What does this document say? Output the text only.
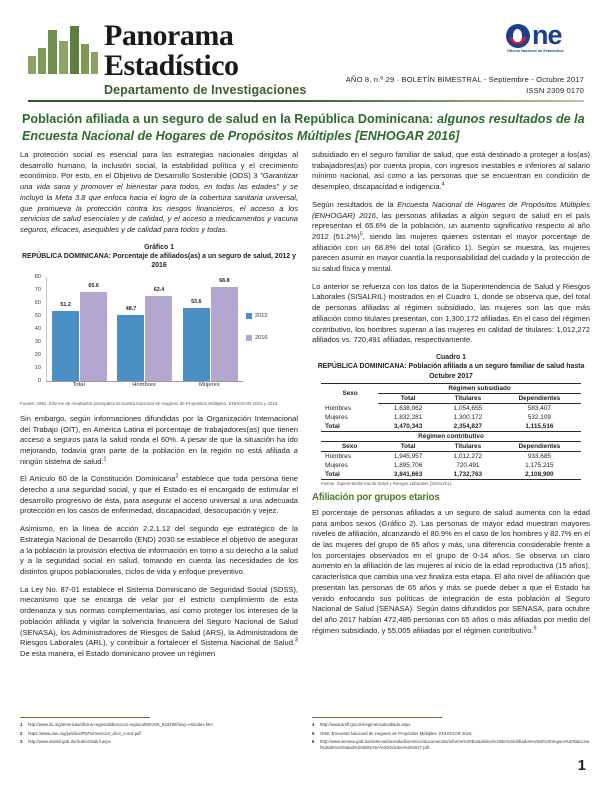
Panorama
Estadístico
Departamento de Investigaciones
ne
Oficina Nacional de Estadística
AÑO 8, n.º 29 · BOLETÍN BIMESTRAL - Septiembre - Octubre 2017
ISSN 2309 0170
Población afiliada a un seguro de salud en la República Dominicana: algunos resultados de la Encuesta Nacional de Hogares de Propósitos Múltiples [ENHOGAR 2016]

La protección social es esencial para las estrategias nacionales dirigidas al desarrollo humano, la inclusión social, la estabilidad política y el crecimiento económico. Por esto, en el Objetivo de Desarrollo Sostenible (ODS) 3 "Garantizar una vida sana y promover el bienestar para todos, en todas las edades" y se incluyó la Meta 3.8 que enfoca hacia el logro de la cobertura sanitaria universal, que promueva la protección contra los riesgos financieros, el acceso a los servicios de salud esenciales y de calidad, y el acceso a medicamentos y vacuna seguros, eficaces, asequibles y de calidad para todos y todas.

Gráfico 1
REPÚBLICA DOMINICANA: Porcentaje de afiliados(as) a un seguro de salud, 2012 y 2016
80
70
60
50
40
30
20
10
0
51.2
65.6
48.7
62.4
53.6
68.8
Total	Hombres	Mujeres
2012
2016

Fuente: ONE. Informe de resultados principales Encuesta Nacional de Hogares de Propósitos Múltiples, ENHOGAR 2012 y 2016.

Sin embargo, según informaciones difundidas por la Organización Internacional del Trabajo (OIT), en América Latina el porcentaje de trabajadores(as) que tienen acceso a seguros para la salud ronda el 60%. A pesar de que la situación ha ido mejorando, todavía gran parte de la población en la región no está afiliada a ningún sistema de salud.$^1$

El Artículo 60 de la Constitución Dominicana$^2$ establece que toda persona tiene derecho a una seguridad social, y que el Estado es el encargado de estimular el desarrollo progresivo de ésta, para asegurar el acceso universal a una adecuada protección en los casos de enfermedad, discapacidad, desocupación y vejez.

Asimismo, en la línea de acción 2.2.1.12 del segundo eje estratégico de la Estrategia Nacional de Desarrollo (END) 2030 se establece el objetivo de asegurar a la población la provisión efectiva de información en torno a su derecho a la salud y a la seguridad social en salud, tomando en cuenta las necesidades de los distintos grupos poblacionales, ciclos de vida y enfoque preventivo.

La Ley No. 87-01 establece el Sistema Dominicano de Seguridad Social (SDSS), mecanismo que se encarga de velar por el estricto cumplimiento de esta ordenanza y sus normas complementarias, así como proteger los intereses de la población afiliada y vigilar la solvencia financiera del Seguro Nacional de Salud (SENASA), los Administradores de Riesgos de Salud (ARS), la Administradora de Riesgos Laborales (ARL), y contribuir a fortalecer el Sistema Nacional de Salud.$^3$ De esta manera, el Estado dominicano provee un régimen

subsidiado en el seguro familiar de salud, que está destinado a proteger a los(as) trabajadores(as) por cuenta propia, con ingresos inestables e inferiores al salario mínimo nacional, así como a las personas que se encuentran en condición de desempleo, discapacidad e indigencia.$^4$

Según resultados de la Encuesta Nacional de Hogares de Propósitos Múltiples (ENHOGAR) 2016, las personas afiliadas a algún seguro de salud en el país representan el 65.6% de la población, un aumento significativo respecto al año 2012 $(51.2\%)^5$, siendo las mujeres quienes ostentan el mayor porcentaje de afiliación con un 68.8% del total (Gráfico 1). Según se muestra, las mujeres parecen asumir en mayor cuantía la responsabilidad del cuidado y la protección de su salud física y mental.

Lo anterior se refuerza con los datos de la Superintendencia de Salud y Riesgos Laborales (SISALRIL) mostrados en el Cuadro 1, donde se observa que, del total de personas afiliadas al régimen subsidiado, las mujeres son las que más afiliación como titulares presentan, con 1,300,172 afiliadas. En el caso del régimen contributivo, los hombres superan a las mujeres en calidad de titulares: 1,012,272 afiliados vs. 720,491 afiliadas, respectivamente.

Cuadro 1
REPÚBLICA DOMINICANA: Población afiliada a un seguro familiar de salud hasta Octubre 2017
Sexo	Régimen subsidiado		
	Total	Titulares	Dependientes
Hombres	1,638,062	1,054,655	583,407
Mujeres	1,832,281	1,300,172	532,109
Total	3,470,343	2,354,827	1,115,516
Régimen contributivo			
Sexo	Total	Titulares	Dependientes
Hombres	1,945,957	1,012,272	933,685
Mujeres	1,895,706	720,491	1,175,215
Total	3,841,663	1,732,763	2,108,900
Fuente: Superintendencia de Salud y Riesgos Laborales (SISALRIL).
Afiliación por grupos etarios

El porcentaje de personas afiliadas a un seguro de salud aumenta con la edad para ambos sexos (Gráfico 2). Las personas de mayor edad muestran mayores niveles de afiliación, alcanzando el 80.9% en el caso de los hombres y 82.7% en el de las mujeres del grupo de 65 años y más, una diferencia considerable frente a los porcentajes observados en el grupo de 0-14 años. Se observa un claro aumento en la afiliación de las mujeres al inicio de la edad reproductiva (15 años), característica que cambia una vez finaliza esta etapa. El alto nivel de afiliación que presentan las personas de 65 años y más se puede deber a que el Estado ha venido enfocando sus políticas de integración de esta población al Seguro Nacional de Salud (SENASA). Según datos difundidos por SENASA, para octubre del año 2017 habían 472,485 personas con 65 años o más afiliadas por medio del régimen subsidiado, y 55,005 afiliadas por el régimen contributivo.$^6$

1	http://www.ilo.org/americas/oficina-regional/direccion-regional/WCMS_543190/lang--es/index.htm
2	https://www.oas.org/juridico/PDFs/mesicic2_dom_const.pdf
3	http://www.sisalril.gob.do/SobreSisalril.aspx
4	http://www.arslf.gov.do/regimensubsidiado.aspx
5	ONE. Encuesta Nacional de Hogares de Propósitos Múltiples, ENHOGAR 2016.
6	http://www.senasa.gob.do/sistemas/arssalud/servicios/documentos/Informe%20Estadistico%20de%20Afiliados%20al%20Seguro%20Nacional%20de%20Salud%20SENASA%20Octubre%202017.pdf
1
